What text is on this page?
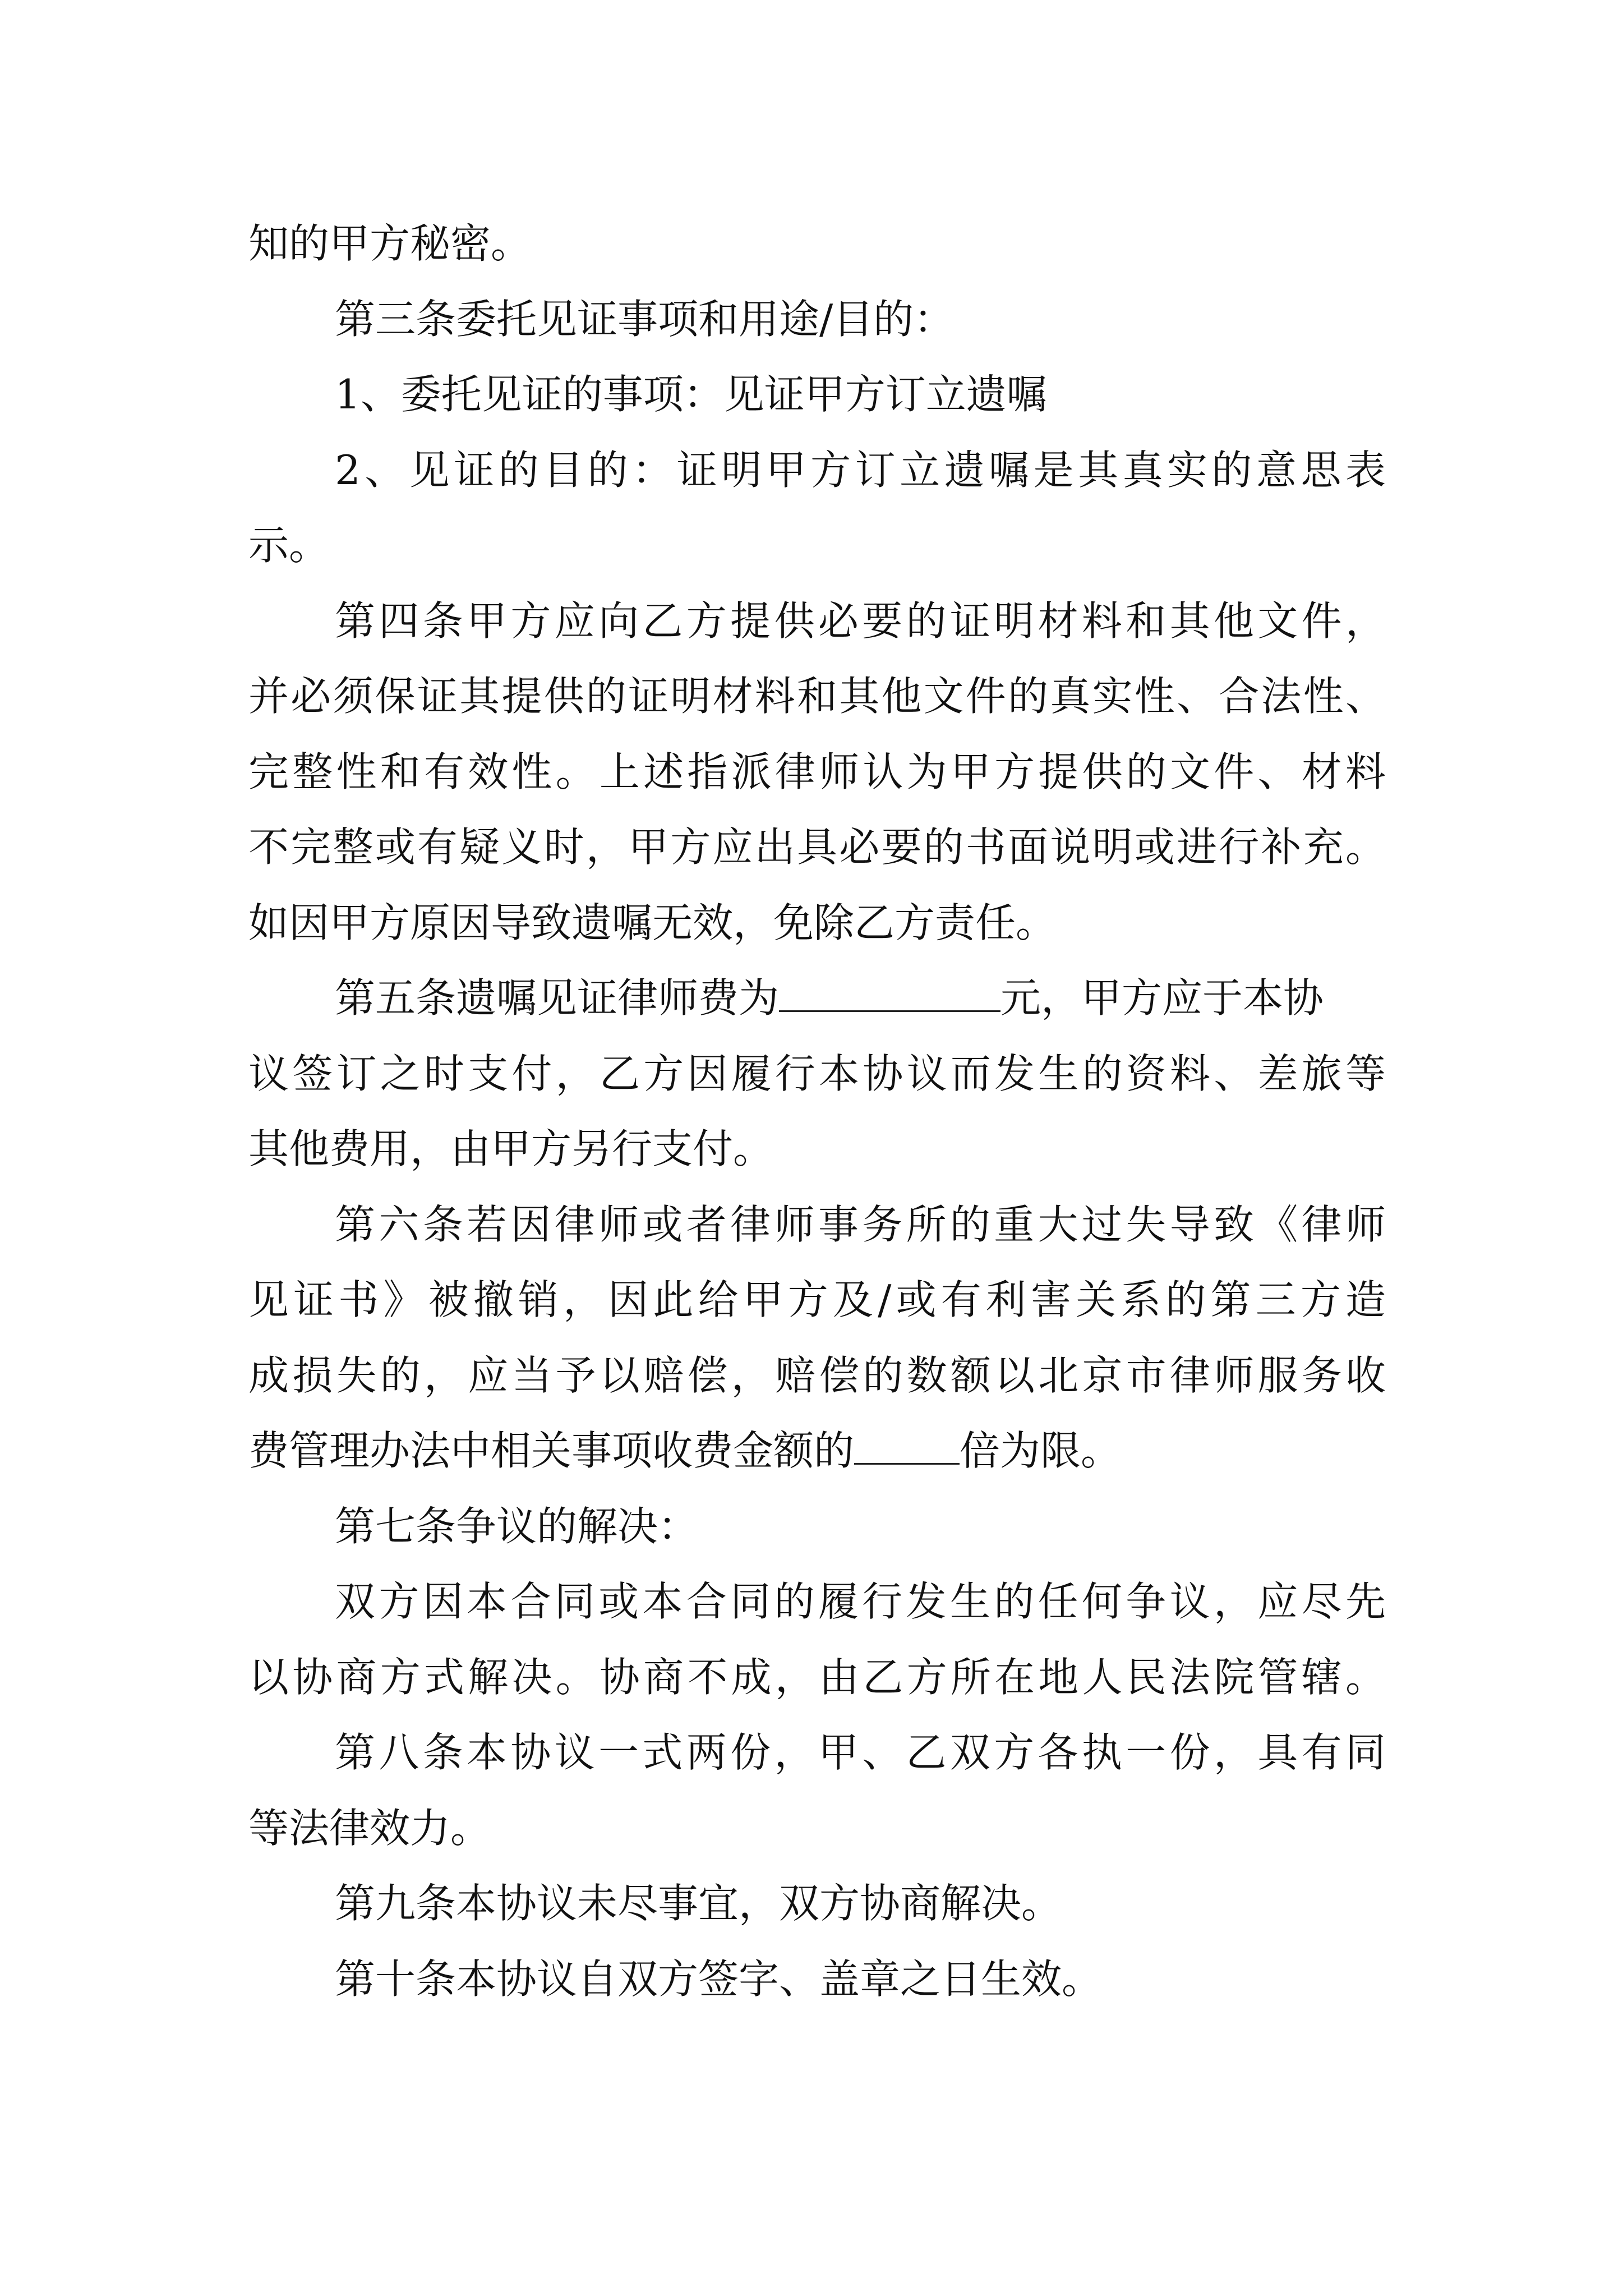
知的甲方秘密。
第三条委托见证事项和用途/目的：
1、委托见证的事项：见证甲方订立遗嘱
2、见证的目的：证明甲方订立遗嘱是其真实的意思表
示。
第四条甲方应向乙方提供必要的证明材料和其他文件，
并必须保证其提供的证明材料和其他文件的真实性、合法性、
完整性和有效性。上述指派律师认为甲方提供的文件、材料
不完整或有疑义时，甲方应出具必要的书面说明或进行补充。
如因甲方原因导致遗嘱无效，免除乙方责任。
第五条遗嘱见证律师费为	元，甲方应于本协
议签订之时支付，乙方因履行本协议而发生的资料、差旅等
其他费用，由甲方另行支付。
第六条若因律师或者律师事务所的重大过失导致《律师
见证书》被撤销，因此给甲方及/或有利害关系的第三方造
成损失的，应当予以赔偿，赔偿的数额以北京市律师服务收
费管理办法中相关事项收费金额的	倍为限。
第七条争议的解决：
双方因本合同或本合同的履行发生的任何争议，应尽先
以协商方式解决。协商不成，由乙方所在地人民法院管辖。
第八条本协议一式两份，甲、乙双方各执一份，具有同
等法律效力。
第九条本协议未尽事宜，双方协商解决。
第十条本协议自双方签字、盖章之日生效。
